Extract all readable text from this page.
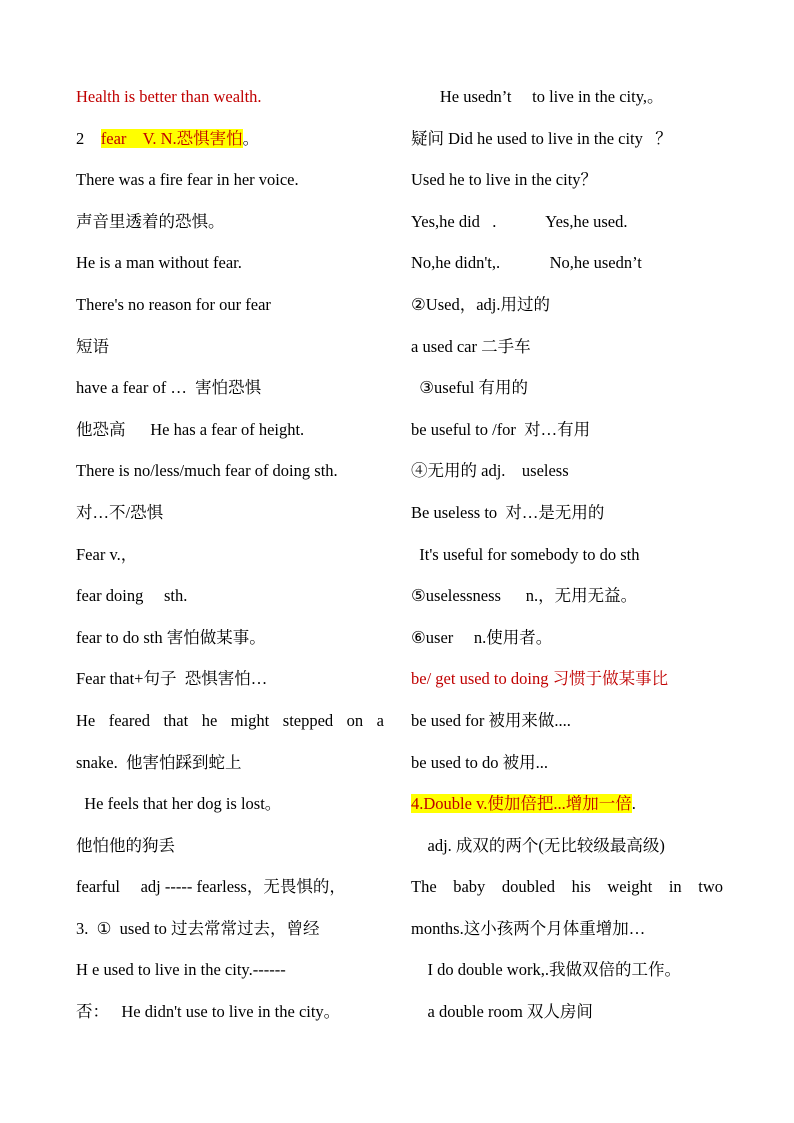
Health is better than wealth.
2    fear    V. N.恐惧害怕。
There was a fire fear in her voice.
声音里透着的恐惧。
He is a man without fear.
There's no reason for our fear
短语
have a fear of …  害怕恐惧
他恐高      He has a fear of height.
There is no/less/much fear of doing sth.
对…不/恐惧
Fear v.，
fear doing     sth.
fear to do sth 害怕做某事。
Fear that+句子  恐惧害怕…
He feared that he might stepped on a
snake.  他害怕踩到蛇上
He feels that her dog is lost。
他怕他的狗丢
fearful     adj ----- fearless，无畏惧的，
3.  ①  used to 过去常常过去，曾经
H e used to live in the city.------
否：   He didn't use to live in the city。
He usedn’t     to live in the city,。
疑问 Did he used to live in the city   ？
Used he to live in the city？
Yes,he did   .            Yes,he used.
No,he didn't,.            No,he usedn’t
②Used，adj.用过的
a used car 二手车
③useful 有用的
be useful to /for  对…有用
④无用的 adj.    useless
Be useless to  对…是无用的
It's useful for somebody to do sth
⑤uselessness      n.，无用无益。
⑥user     n.使用者。
be/ get used to doing 习惯于做某事比
be used for 被用来做....
be used to do 被用...
4.Double v.使加倍把...增加一倍.
adj. 成双的两个(无比较级最高级)
The baby doubled his weight in two
months.这小孩两个月体重增加…
I do double work,.我做双倍的工作。
a double room 双人房间
